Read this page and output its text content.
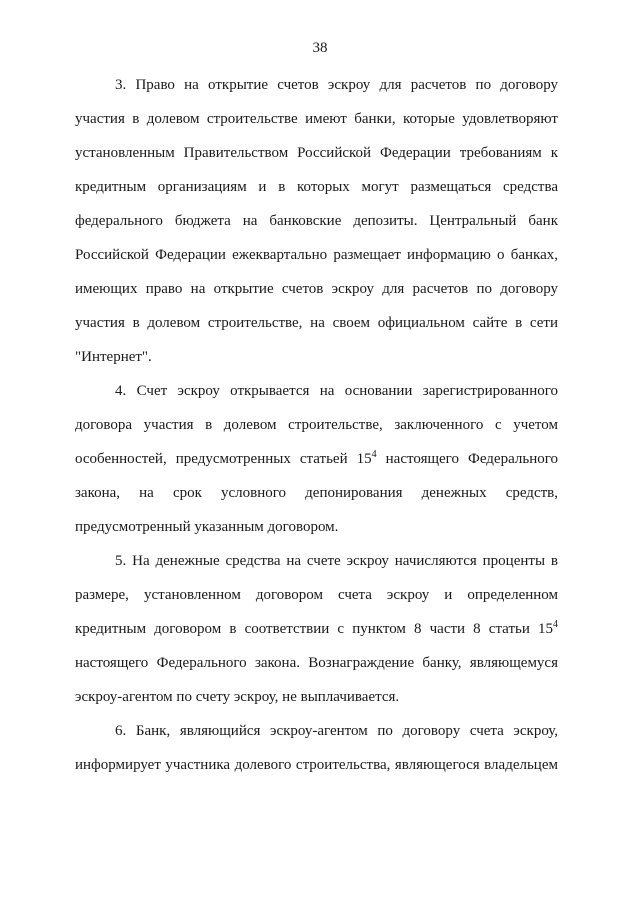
38

3. Право на открытие счетов эскроу для расчетов по договору участия в долевом строительстве имеют банки, которые удовлетворяют установленным Правительством Российской Федерации требованиям к кредитным организациям и в которых могут размещаться средства федерального бюджета на банковские депозиты. Центральный банк Российской Федерации ежеквартально размещает информацию о банках, имеющих право на открытие счетов эскроу для расчетов по договору участия в долевом строительстве, на своем официальном сайте в сети "Интернет".

4. Счет эскроу открывается на основании зарегистрированного договора участия в долевом строительстве, заключенного с учетом особенностей, предусмотренных статьей $15^4$ настоящего Федерального закона, на срок условного депонирования денежных средств, предусмотренный указанным договором.

5. На денежные средства на счете эскроу начисляются проценты в размере, установленном договором счета эскроу и определенном кредитным договором в соответствии с пунктом 8 части 8 статьи $15^4$ настоящего Федерального закона. Вознаграждение банку, являющемуся эскроу-агентом по счету эскроу, не выплачивается.

6. Банк, являющийся эскроу-агентом по договору счета эскроу, информирует участника долевого строительства, являющегося владельцем
